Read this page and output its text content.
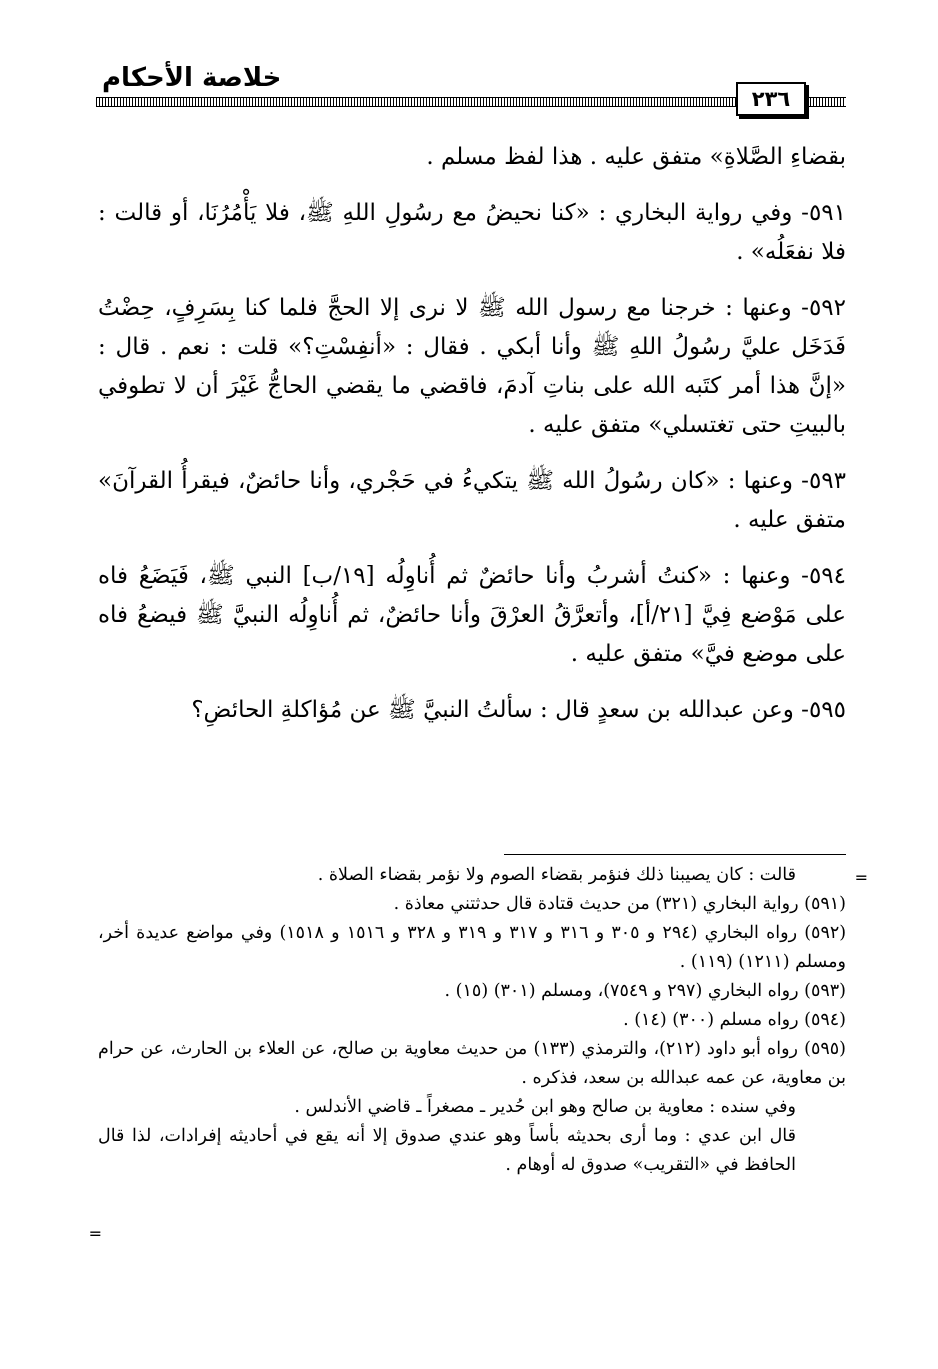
خلاصة الأحكام
٢٣٦

بقضاءِ الصَّلاةِ» متفق عليه . هذا لفظ مسلم .

٥٩١- وفي رواية البخاري : «كنا نحيضُ مع رسُولِ اللهِ ﷺ، فلا يَأْمُرُنَا، أو قالت : فلا نفعَلُه» .

٥٩٢- وعنها : خرجنا مع رسول الله ﷺ لا نرى إلا الحجَّ فلما كنا بِسَرِفٍ، حِضْتُ فَدَخَل عليَّ رسُولُ اللهِ ﷺ وأنا أبكي . فقال : «أنفِسْتِ؟» قلت : نعم . قال : «إنَّ هذا أمر كتَبه الله على بناتِ آدمَ، فاقضي ما يقضي الحاجُّ غَيْرَ أن لا تطوفي بالبيتِ حتى تغتسلي» متفق عليه .

٥٩٣- وعنها : «كان رسُولُ الله ﷺ يتكيءُ في حَجْري، وأنا حائضٌ، فيقرأُ القرآنَ» متفق عليه .

٥٩٤- وعنها : «كنتُ أشربُ وأنا حائضٌ ثم أُناوِلُه [١٩/ب] النبي ﷺ، فَيَضَعُ فاه على مَوْضع فِيَّ [٢١/أ]، وأتعرَّقُ العرْقَ وأنا حائضٌ، ثم أُناوِلُه النبيَّ ﷺ فيضعُ فاه على موضع فيَّ» متفق عليه .

٥٩٥- وعن عبدالله بن سعدٍ قال : سألتُ النبيَّ ﷺ عن مُؤاكلةِ الحائضِ؟

قالت : كان يصيبنا ذلك فنؤمر بقضاء الصوم ولا نؤمر بقضاء الصلاة .

(٥٩١) رواية البخاري (٣٢١) من حديث قتادة قال حدثتني معاذة .

(٥٩٢) رواه البخاري (٢٩٤ و ٣٠٥ و ٣١٦ و ٣١٧ و ٣١٩ و ٣٢٨ و ١٥١٦ و ١٥١٨) وفي مواضع عديدة أخر، ومسلم (١٢١١) (١١٩) .

(٥٩٣) رواه البخاري (٢٩٧ و ٧٥٤٩)، ومسلم (٣٠١) (١٥) .

(٥٩٤) رواه مسلم (٣٠٠) (١٤) .

(٥٩٥) رواه أبو داود (٢١٢)، والترمذي (١٣٣) من حديث معاوية بن صالح، عن العلاء بن الحارث، عن حرام بن معاوية، عن عمه عبدالله بن سعد، فذكره .

وفي سنده : معاوية بن صالح وهو ابن حُدير ـ مصغراً ـ قاضي الأندلس .

قال ابن عدي : وما أرى بحديثه بأساً وهو عندي صدوق إلا أنه يقع في أحاديثه إفرادات، لذا قال الحافظ في «التقريب» صدوق له أوهام .

=
=
